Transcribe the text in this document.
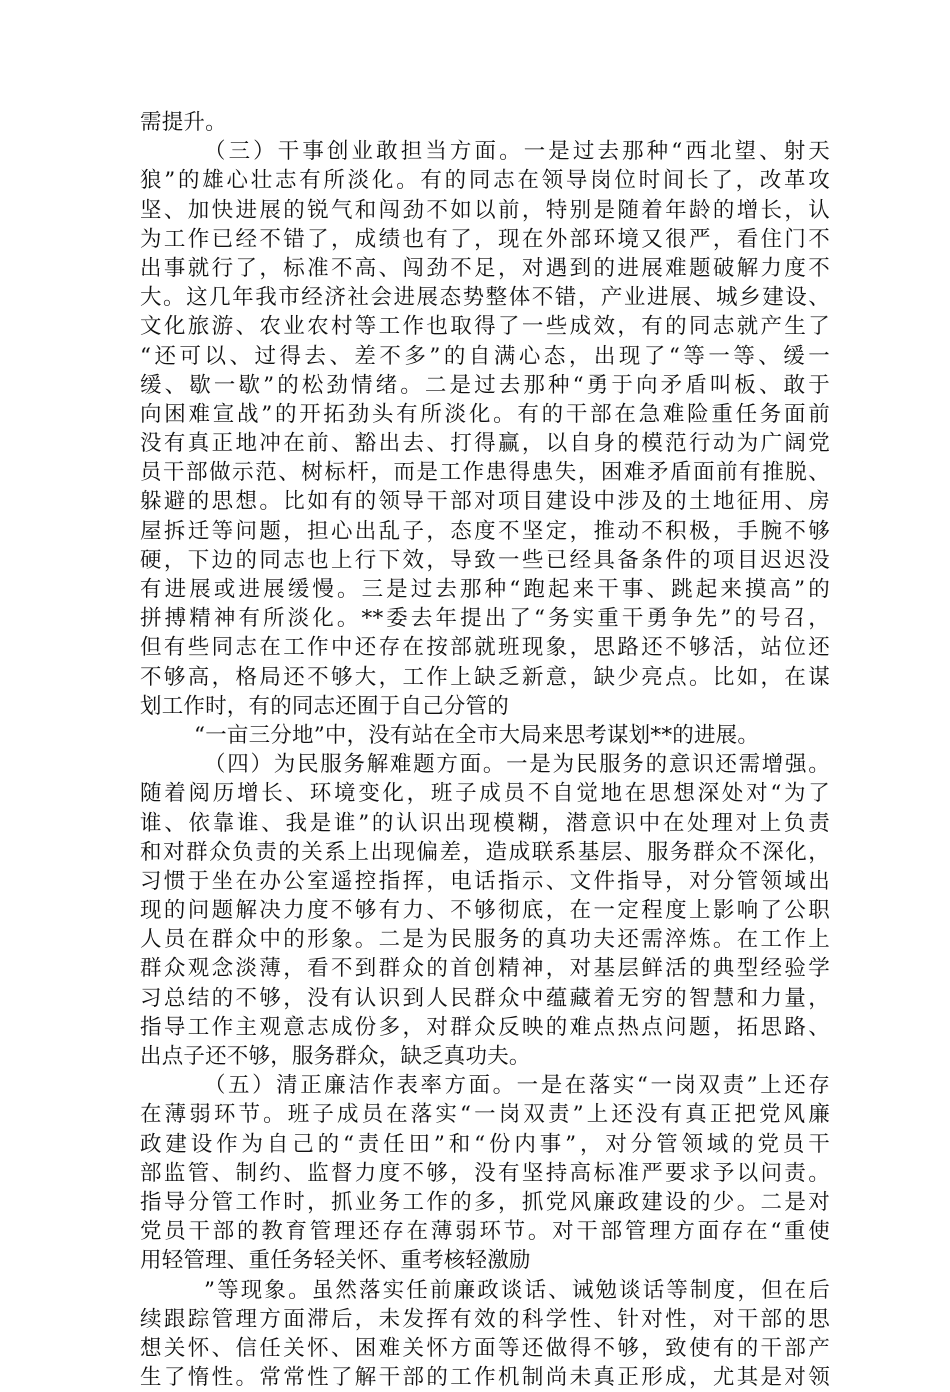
需提升。
（三）干事创业敢担当方面。一是过去那种“西北望、射天
狼”的雄心壮志有所淡化。有的同志在领导岗位时间长了，改革攻
坚、加快进展的锐气和闯劲不如以前，特别是随着年龄的增长，认
为工作已经不错了，成绩也有了，现在外部环境又很严，看住门不
出事就行了，标准不高、闯劲不足，对遇到的进展难题破解力度不
大。这几年我市经济社会进展态势整体不错，产业进展、城乡建设、
文化旅游、农业农村等工作也取得了一些成效，有的同志就产生了
“还可以、过得去、差不多”的自满心态，出现了“等一等、缓一
缓、歇一歇”的松劲情绪。二是过去那种“勇于向矛盾叫板、敢于
向困难宣战”的开拓劲头有所淡化。有的干部在急难险重任务面前
没有真正地冲在前、豁出去、打得赢，以自身的模范行动为广阔党
员干部做示范、树标杆，而是工作患得患失，困难矛盾面前有推脱、
躲避的思想。比如有的领导干部对项目建设中涉及的土地征用、房
屋拆迁等问题，担心出乱子，态度不坚定，推动不积极，手腕不够
硬，下边的同志也上行下效，导致一些已经具备条件的项目迟迟没
有进展或进展缓慢。三是过去那种“跑起来干事、跳起来摸高”的
拼搏精神有所淡化。**委去年提出了“务实重干勇争先”的号召，
但有些同志在工作中还存在按部就班现象，思路还不够活，站位还
不够高，格局还不够大，工作上缺乏新意，缺少亮点。比如，在谋
划工作时，有的同志还囿于自己分管的
“一亩三分地”中，没有站在全市大局来思考谋划**的进展。
（四）为民服务解难题方面。一是为民服务的意识还需增强。
随着阅历增长、环境变化，班子成员不自觉地在思想深处对“为了
谁、依靠谁、我是谁”的认识出现模糊，潜意识中在处理对上负责
和对群众负责的关系上出现偏差，造成联系基层、服务群众不深化，
习惯于坐在办公室遥控指挥，电话指示、文件指导，对分管领域出
现的问题解决力度不够有力、不够彻底，在一定程度上影响了公职
人员在群众中的形象。二是为民服务的真功夫还需淬炼。在工作上
群众观念淡薄，看不到群众的首创精神，对基层鲜活的典型经验学
习总结的不够，没有认识到人民群众中蕴藏着无穷的智慧和力量，
指导工作主观意志成份多，对群众反映的难点热点问题，拓思路、
出点子还不够，服务群众，缺乏真功夫。
（五）清正廉洁作表率方面。一是在落实“一岗双责”上还存
在薄弱环节。班子成员在落实“一岗双责”上还没有真正把党风廉
政建设作为自己的“责任田”和“份内事”，对分管领域的党员干
部监管、制约、监督力度不够，没有坚持高标准严要求予以问责。
指导分管工作时，抓业务工作的多，抓党风廉政建设的少。二是对
党员干部的教育管理还存在薄弱环节。对干部管理方面存在“重使
用轻管理、重任务轻关怀、重考核轻激励
”等现象。虽然落实任前廉政谈话、诫勉谈话等制度，但在后
续跟踪管理方面滞后，未发挥有效的科学性、针对性，对干部的思
想关怀、信任关怀、困难关怀方面等还做得不够，致使有的干部产
生了惰性。常常性了解干部的工作机制尚未真正形成，尤其是对领
